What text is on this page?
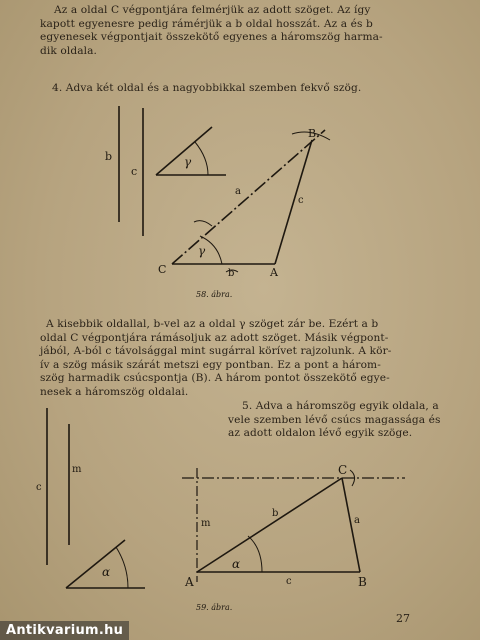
Az a oldal C végpontjára felmérjük az adott szöget. Az így
kapott egyenesre pedig rámérjük a b oldal hosszát. Az a és b
egyenesek végpontjait összekötő egyenes a háromszög harma-
dik oldala.
4. Adva két oldal és a nagyobbikkal szemben fekvő szög.
b
c
γ
γ
C	A
B
a
b
c
58. ábra.
A kisebbik oldallal, b-vel az a oldal γ szöget zár be. Ezért a b
oldal C végpontjára rámásoljuk az adott szöget. Másik végpont-
jából, A-ból c távolsággal mint sugárral körívet rajzolunk. A kör-
ív a szög másik szárát metszi egy pontban. Ez a pont a három-
szög harmadik csúcspontja (B). A három pontot összekötő egye-
nesek a háromszög oldalai.
5. Adva a háromszög egyik oldala, a
vele szemben lévő csúcs magassága és
az adott oldalon lévő egyik szöge.
c
m
α
C
A	B
b
a
c
m
α
59. ábra.
27
Antikvarium.hu
